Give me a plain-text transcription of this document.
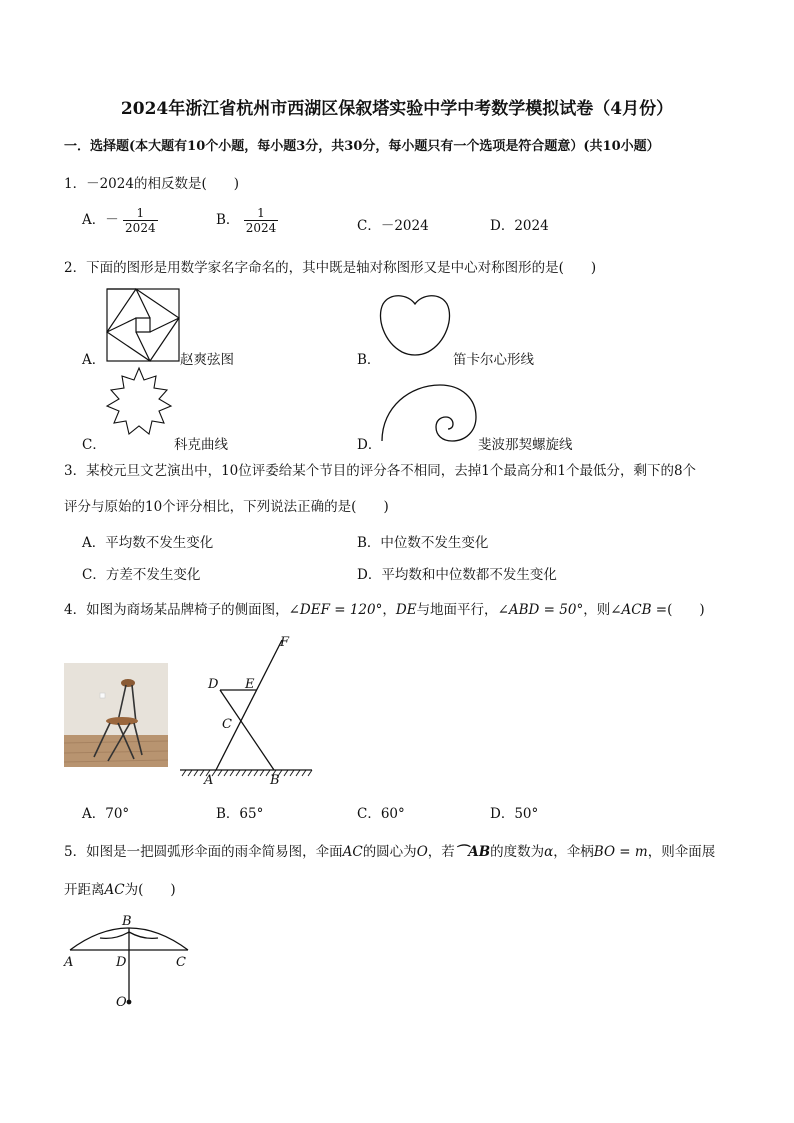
2024年浙江省杭州市西湖区保叙塔实验中学中考数学模拟试卷（4月份）
一．选择题(本大题有10个小题，每小题3分，共30分，每小题只有一个选项是符合题意）(共10小题）
1．－2024的相反数是(　　)
A．－ $\frac{1}{2024}$	B． $\frac{1}{2024}$	C．－2024	D．2024
2．下面的图形是用数学家名字命名的，其中既是轴对称图形又是中心对称图形的是(　　)
A．	赵爽弦图	B．	笛卡尔心形线
C．	科克曲线	D．	斐波那契螺旋线
3．某校元旦文艺演出中，10位评委给某个节目的评分各不相同，去掉1个最高分和1个最低分，剩下的8个
评分与原始的10个评分相比，下列说法正确的是(　　)
A．平均数不发生变化	B．中位数不发生变化
C．方差不发生变化	D．平均数和中位数都不发生变化
4．如图为商场某品牌椅子的侧面图，∠DEF = 120°，DE与地面平行，∠ABD = 50°，则∠ACB =(　　)
F
D E
C
A	B
A．70°	B．65°	C．60°	D．50°
5．如图是一把圆弧形伞面的雨伞简易图，伞面AC的圆心为O，若⌒AB的度数为α，伞柄BO = m，则伞面展
开距离AC为(　　)
B
A	D	C
O
